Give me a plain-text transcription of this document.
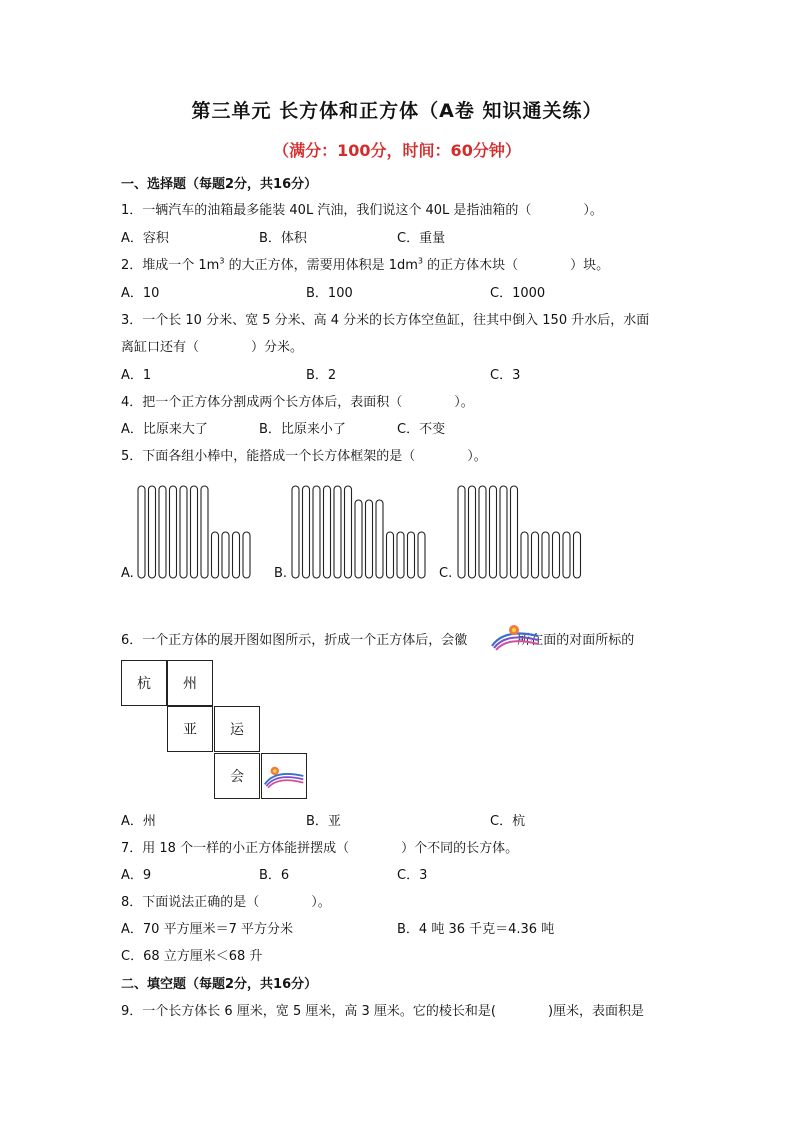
第三单元 长方体和正方体（A卷 知识通关练）
（满分：100分，时间：60分钟）
一、选择题（每题2分，共16分）
1．一辆汽车的油箱最多能装 40L 汽油，我们说这个 40L 是指油箱的（　　　　）。
A．容积	B．体积	C．重量
2．堆成一个 $1m^3$ 的大正方体，需要用体积是 $1dm^3$ 的正方体木块（　　　　）块。
A．10	B．100	C．1000
3．一个长 10 分米、宽 5 分米、高 4 分米的长方体空鱼缸，往其中倒入 150 升水后，水面
离缸口还有（　　　　）分米。
A．1	B．2	C．3
4．把一个正方体分割成两个长方体后，表面积（　　　　）。
A．比原来大了	B．比原来小了	C．不变
5．下面各组小棒中，能搭成一个长方体框架的是（　　　　）。
A.	B.	C.
6．一个正方体的展开图如图所示，折成一个正方体后，会徽	所在面的对面所标的
杭	州
亚	运
会
A．州	B．亚	C．杭
7．用 18 个一样的小正方体能拼摆成（　　　　）个不同的长方体。
A．9	B．6	C．3
8．下面说法正确的是（　　　　）。
A．70 平方厘米＝7 平方分米	B．4 吨 36 千克＝4.36 吨
C．68 立方厘米＜68 升
二、填空题（每题2分，共16分）
9．一个长方体长 6 厘米，宽 5 厘米，高 3 厘米。它的棱长和是(　　　　)厘米，表面积是
